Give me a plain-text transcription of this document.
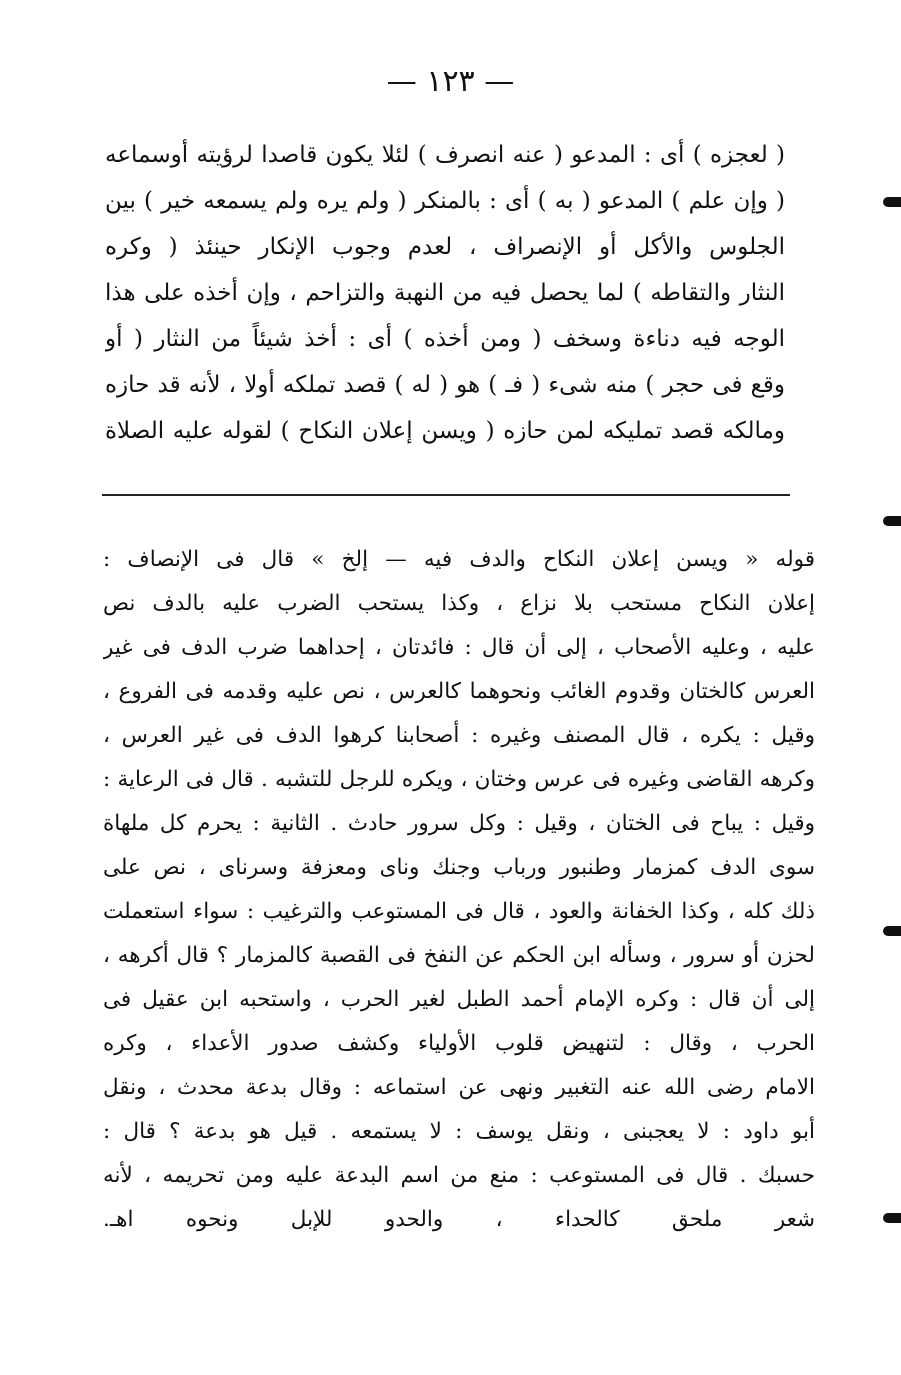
— ١٢٣ —
( لعجزه ) أى : المدعو ( عنه انصرف ) لئلا يكون قاصدا لرؤيته أوسماعه
( وإن علم ) المدعو ( به ) أى : بالمنكر ( ولم يره ولم يسمعه خير ) بين
الجلوس والأكل أو الإنصراف ، لعدم وجوب الإنكار حينئذ ( وكره
النثار والتقاطه ) لما يحصل فيه من النهبة والتزاحم ، وإن أخذه على هذا
الوجه فيه دناءة وسخف ( ومن أخذه ) أى : أخذ شيئاً من النثار ( أو
وقع فى حجر ) منه شىء ( فـ ) هو ( له ) قصد تملكه أولا ، لأنه قد حازه
ومالكه قصد تمليكه لمن حازه ( ويسن إعلان النكاح ) لقوله عليه الصلاة
قوله « ويسن إعلان النكاح والدف فيه — إلخ » قال فى الإنصاف :
إعلان النكاح مستحب بلا نزاع ، وكذا يستحب الضرب عليه بالدف نص
عليه ، وعليه الأصحاب ، إلى أن قال : فائدتان ، إحداهما ضرب الدف فى غير
العرس كالختان وقدوم الغائب ونحوهما كالعرس ، نص عليه وقدمه فى الفروع ،
وقيل : يكره ، قال المصنف وغيره : أصحابنا كرهوا الدف فى غير العرس ،
وكرهه القاضى وغيره فى عرس وختان ، ويكره للرجل للتشبه . قال فى الرعاية :
وقيل : يباح فى الختان ، وقيل : وكل سرور حادث . الثانية : يحرم كل ملهاة
سوى الدف كمزمار وطنبور ورباب وجنك وناى ومعزفة وسرناى ، نص على
ذلك كله ، وكذا الخفانة والعود ، قال فى المستوعب والترغيب : سواء استعملت
لحزن أو سرور ، وسأله ابن الحكم عن النفخ فى القصبة كالمزمار ؟ قال أكرهه ،
إلى أن قال : وكره الإمام أحمد الطبل لغير الحرب ، واستحبه ابن عقيل فى
الحرب ، وقال : لتنهيض قلوب الأولياء وكشف صدور الأعداء ، وكره
الامام رضى الله عنه التغبير ونهى عن استماعه : وقال بدعة محدث ، ونقل
أبو داود : لا يعجبنى ، ونقل يوسف : لا يستمعه . قيل هو بدعة ؟ قال :
حسبك . قال فى المستوعب : منع من اسم البدعة عليه ومن تحريمه ، لأنه
شعر ملحق كالحداء ، والحدو للإبل ونحوه اهـ.
